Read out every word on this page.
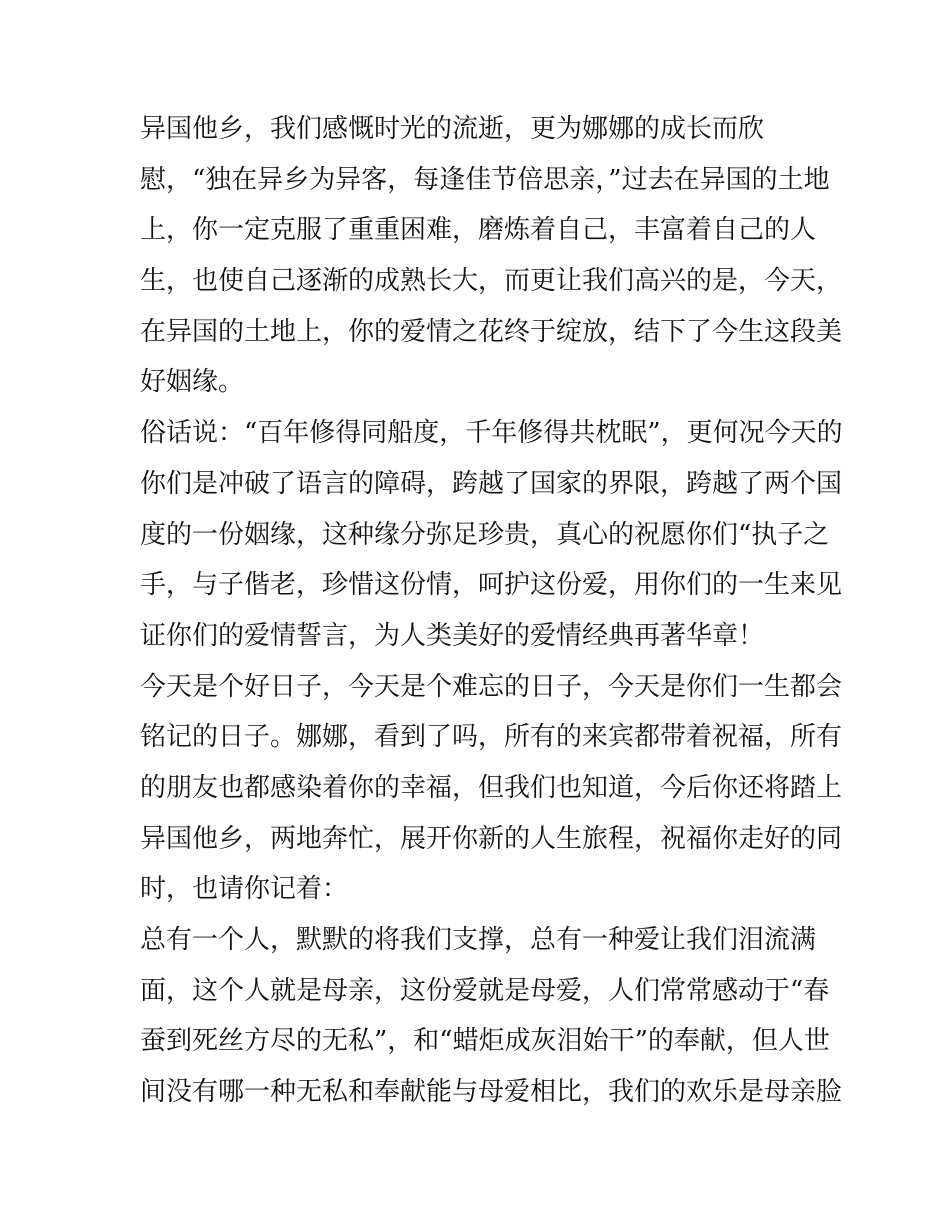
异国他乡，我们感慨时光的流逝，更为娜娜的成长而欣
慰，“独在异乡为异客，每逢佳节倍思亲，”过去在异国的土地
上，你一定克服了重重困难，磨炼着自己，丰富着自己的人
生，也使自己逐渐的成熟长大，而更让我们高兴的是，今天，
在异国的土地上，你的爱情之花终于绽放，结下了今生这段美
好姻缘。
俗话说：“百年修得同船度，千年修得共枕眠”，更何况今天的
你们是冲破了语言的障碍，跨越了国家的界限，跨越了两个国
度的一份姻缘，这种缘分弥足珍贵，真心的祝愿你们“执子之
手，与子偕老，珍惜这份情，呵护这份爱，用你们的一生来见
证你们的爱情誓言，为人类美好的爱情经典再著华章！
今天是个好日子，今天是个难忘的日子，今天是你们一生都会
铭记的日子。娜娜，看到了吗，所有的来宾都带着祝福，所有
的朋友也都感染着你的幸福，但我们也知道，今后你还将踏上
异国他乡，两地奔忙，展开你新的人生旅程，祝福你走好的同
时，也请你记着：
总有一个人，默默的将我们支撑，总有一种爱让我们泪流满
面，这个人就是母亲，这份爱就是母爱，人们常常感动于“春
蚕到死丝方尽的无私”，和“蜡炬成灰泪始干”的奉献，但人世
间没有哪一种无私和奉献能与母爱相比，我们的欢乐是母亲脸
